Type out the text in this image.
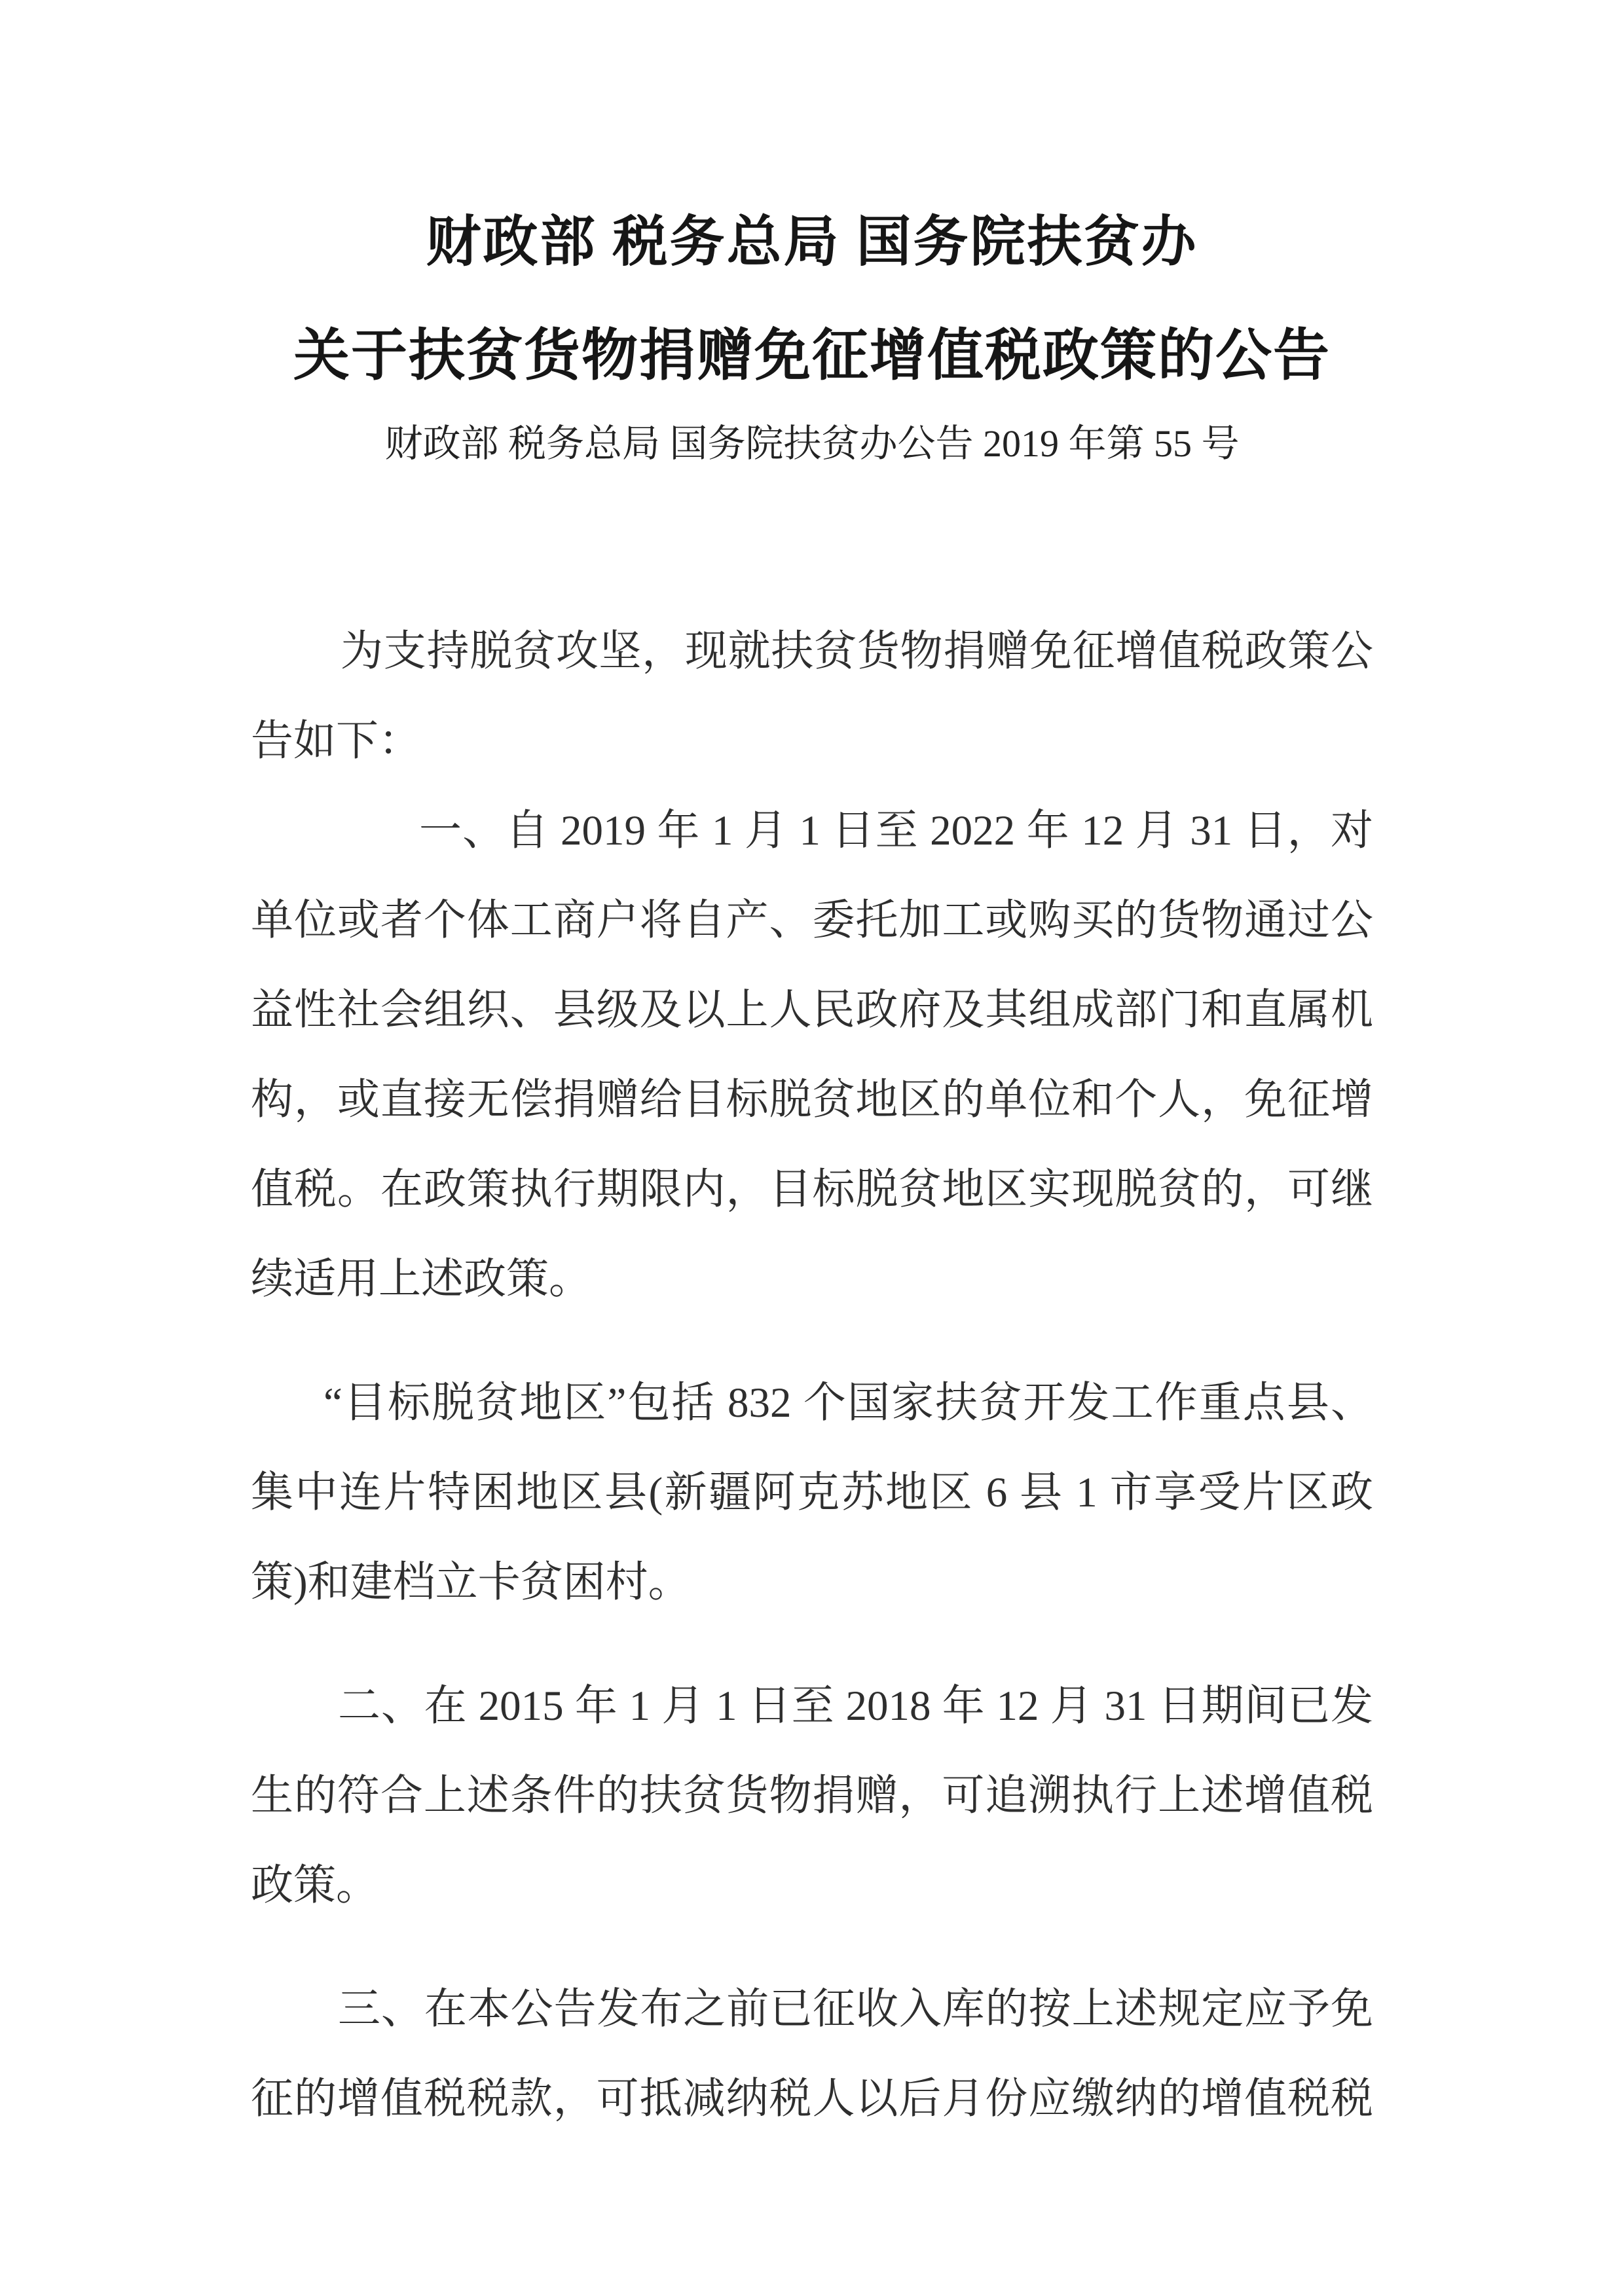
财政部 税务总局 国务院扶贫办
关于扶贫货物捐赠免征增值税政策的公告
财政部 税务总局 国务院扶贫办公告 2019 年第 55 号
为支持脱贫攻坚，现就扶贫货物捐赠免征增值税政策公
告如下：
一、自 2019 年 1 月 1 日至 2022 年 12 月 31 日，对
单位或者个体工商户将自产、委托加工或购买的货物通过公
益性社会组织、县级及以上人民政府及其组成部门和直属机
构，或直接无偿捐赠给目标脱贫地区的单位和个人，免征增
值税。在政策执行期限内，目标脱贫地区实现脱贫的，可继
续适用上述政策。
“目标脱贫地区”包括 832 个国家扶贫开发工作重点县、
集中连片特困地区县(新疆阿克苏地区 6 县 1 市享受片区政
策)和建档立卡贫困村。
二、在 2015 年 1 月 1 日至 2018 年 12 月 31 日期间已发
生的符合上述条件的扶贫货物捐赠，可追溯执行上述增值税
政策。
三、在本公告发布之前已征收入库的按上述规定应予免
征的增值税税款，可抵减纳税人以后月份应缴纳的增值税税
